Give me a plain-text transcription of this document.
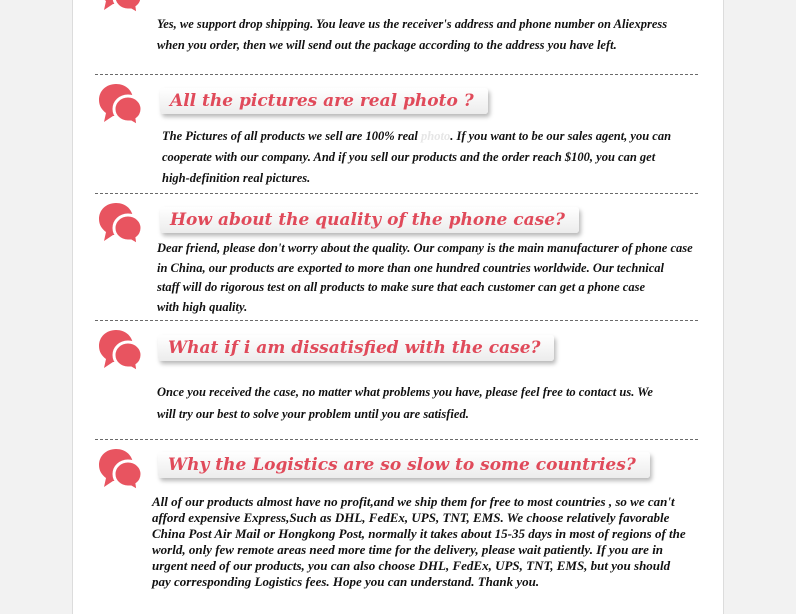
Yes, we support drop shipping. You leave us the receiver's address and phone number on Aliexpress
when you order, then we will send out the package according to the address you have left.
All the pictures are real photo ?
The Pictures of all products we sell are 100% real photo. If you want to be our sales agent, you can
cooperate with our company. And if you sell our products and the order reach $100, you can get
high-definition real pictures.
How about the quality of the phone case?
Dear friend, please don't worry about the quality. Our company is the main manufacturer of phone case
in China, our products are exported to more than one hundred countries worldwide. Our technical
staff will do rigorous test on all products to make sure that each customer can get a phone case
with high quality.
What if i am dissatisfied with the case?
Once you received the case, no matter what problems you have, please feel free to contact us. We
will try our best to solve your problem until you are satisfied.
Why the Logistics are so slow to some countries?
All of our products almost have no profit,and we ship them for free to most countries , so we can't
afford expensive Express,Such as DHL, FedEx, UPS, TNT, EMS. We choose relatively favorable
China Post Air Mail or Hongkong Post, normally it takes about 15-35 days in most of regions of the
world, only few remote areas need more time for the delivery, please wait patiently. If you are in
urgent need of our products, you can also choose DHL, FedEx, UPS, TNT, EMS, but you should
pay corresponding Logistics fees. Hope you can understand. Thank you.
